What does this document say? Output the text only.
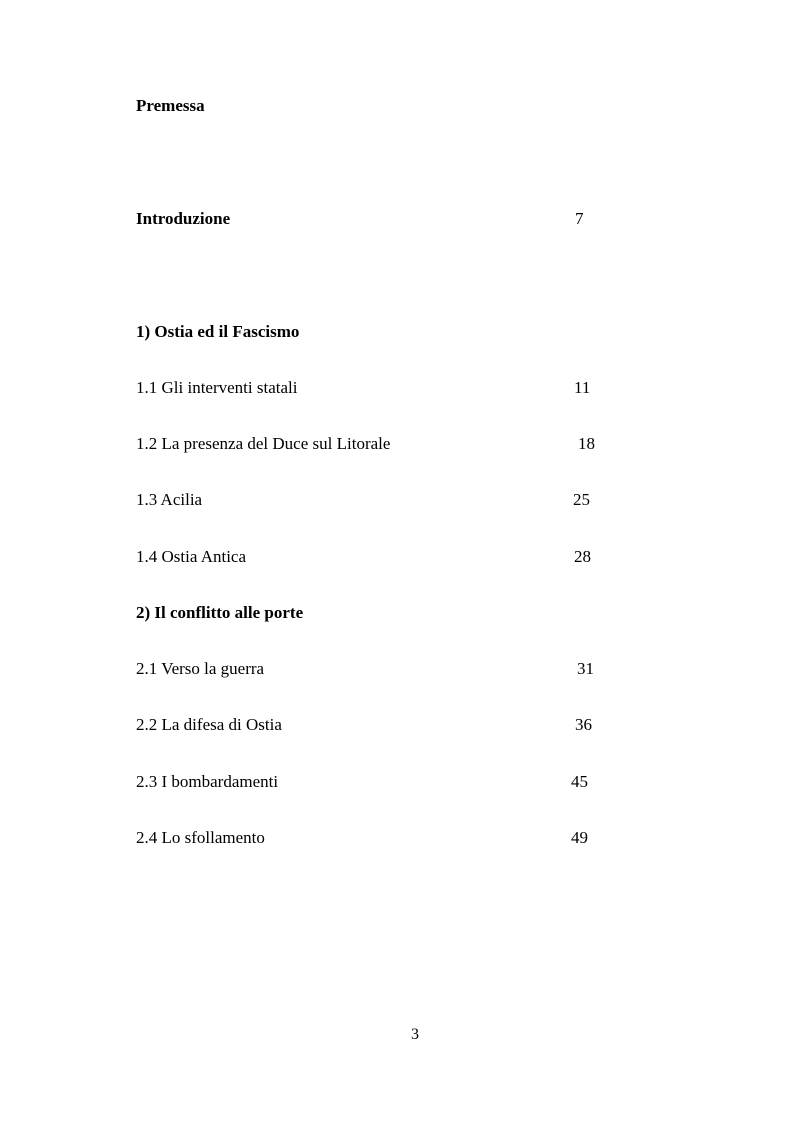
Premessa
Introduzione	7
1) Ostia ed il Fascismo
1.1 Gli interventi statali	11
1.2 La presenza del Duce sul Litorale	18
1.3 Acilia	25
1.4 Ostia Antica	28
2) Il conflitto alle porte
2.1 Verso la guerra	31
2.2 La difesa di Ostia	36
2.3 I bombardamenti	45
2.4 Lo sfollamento	49
3
